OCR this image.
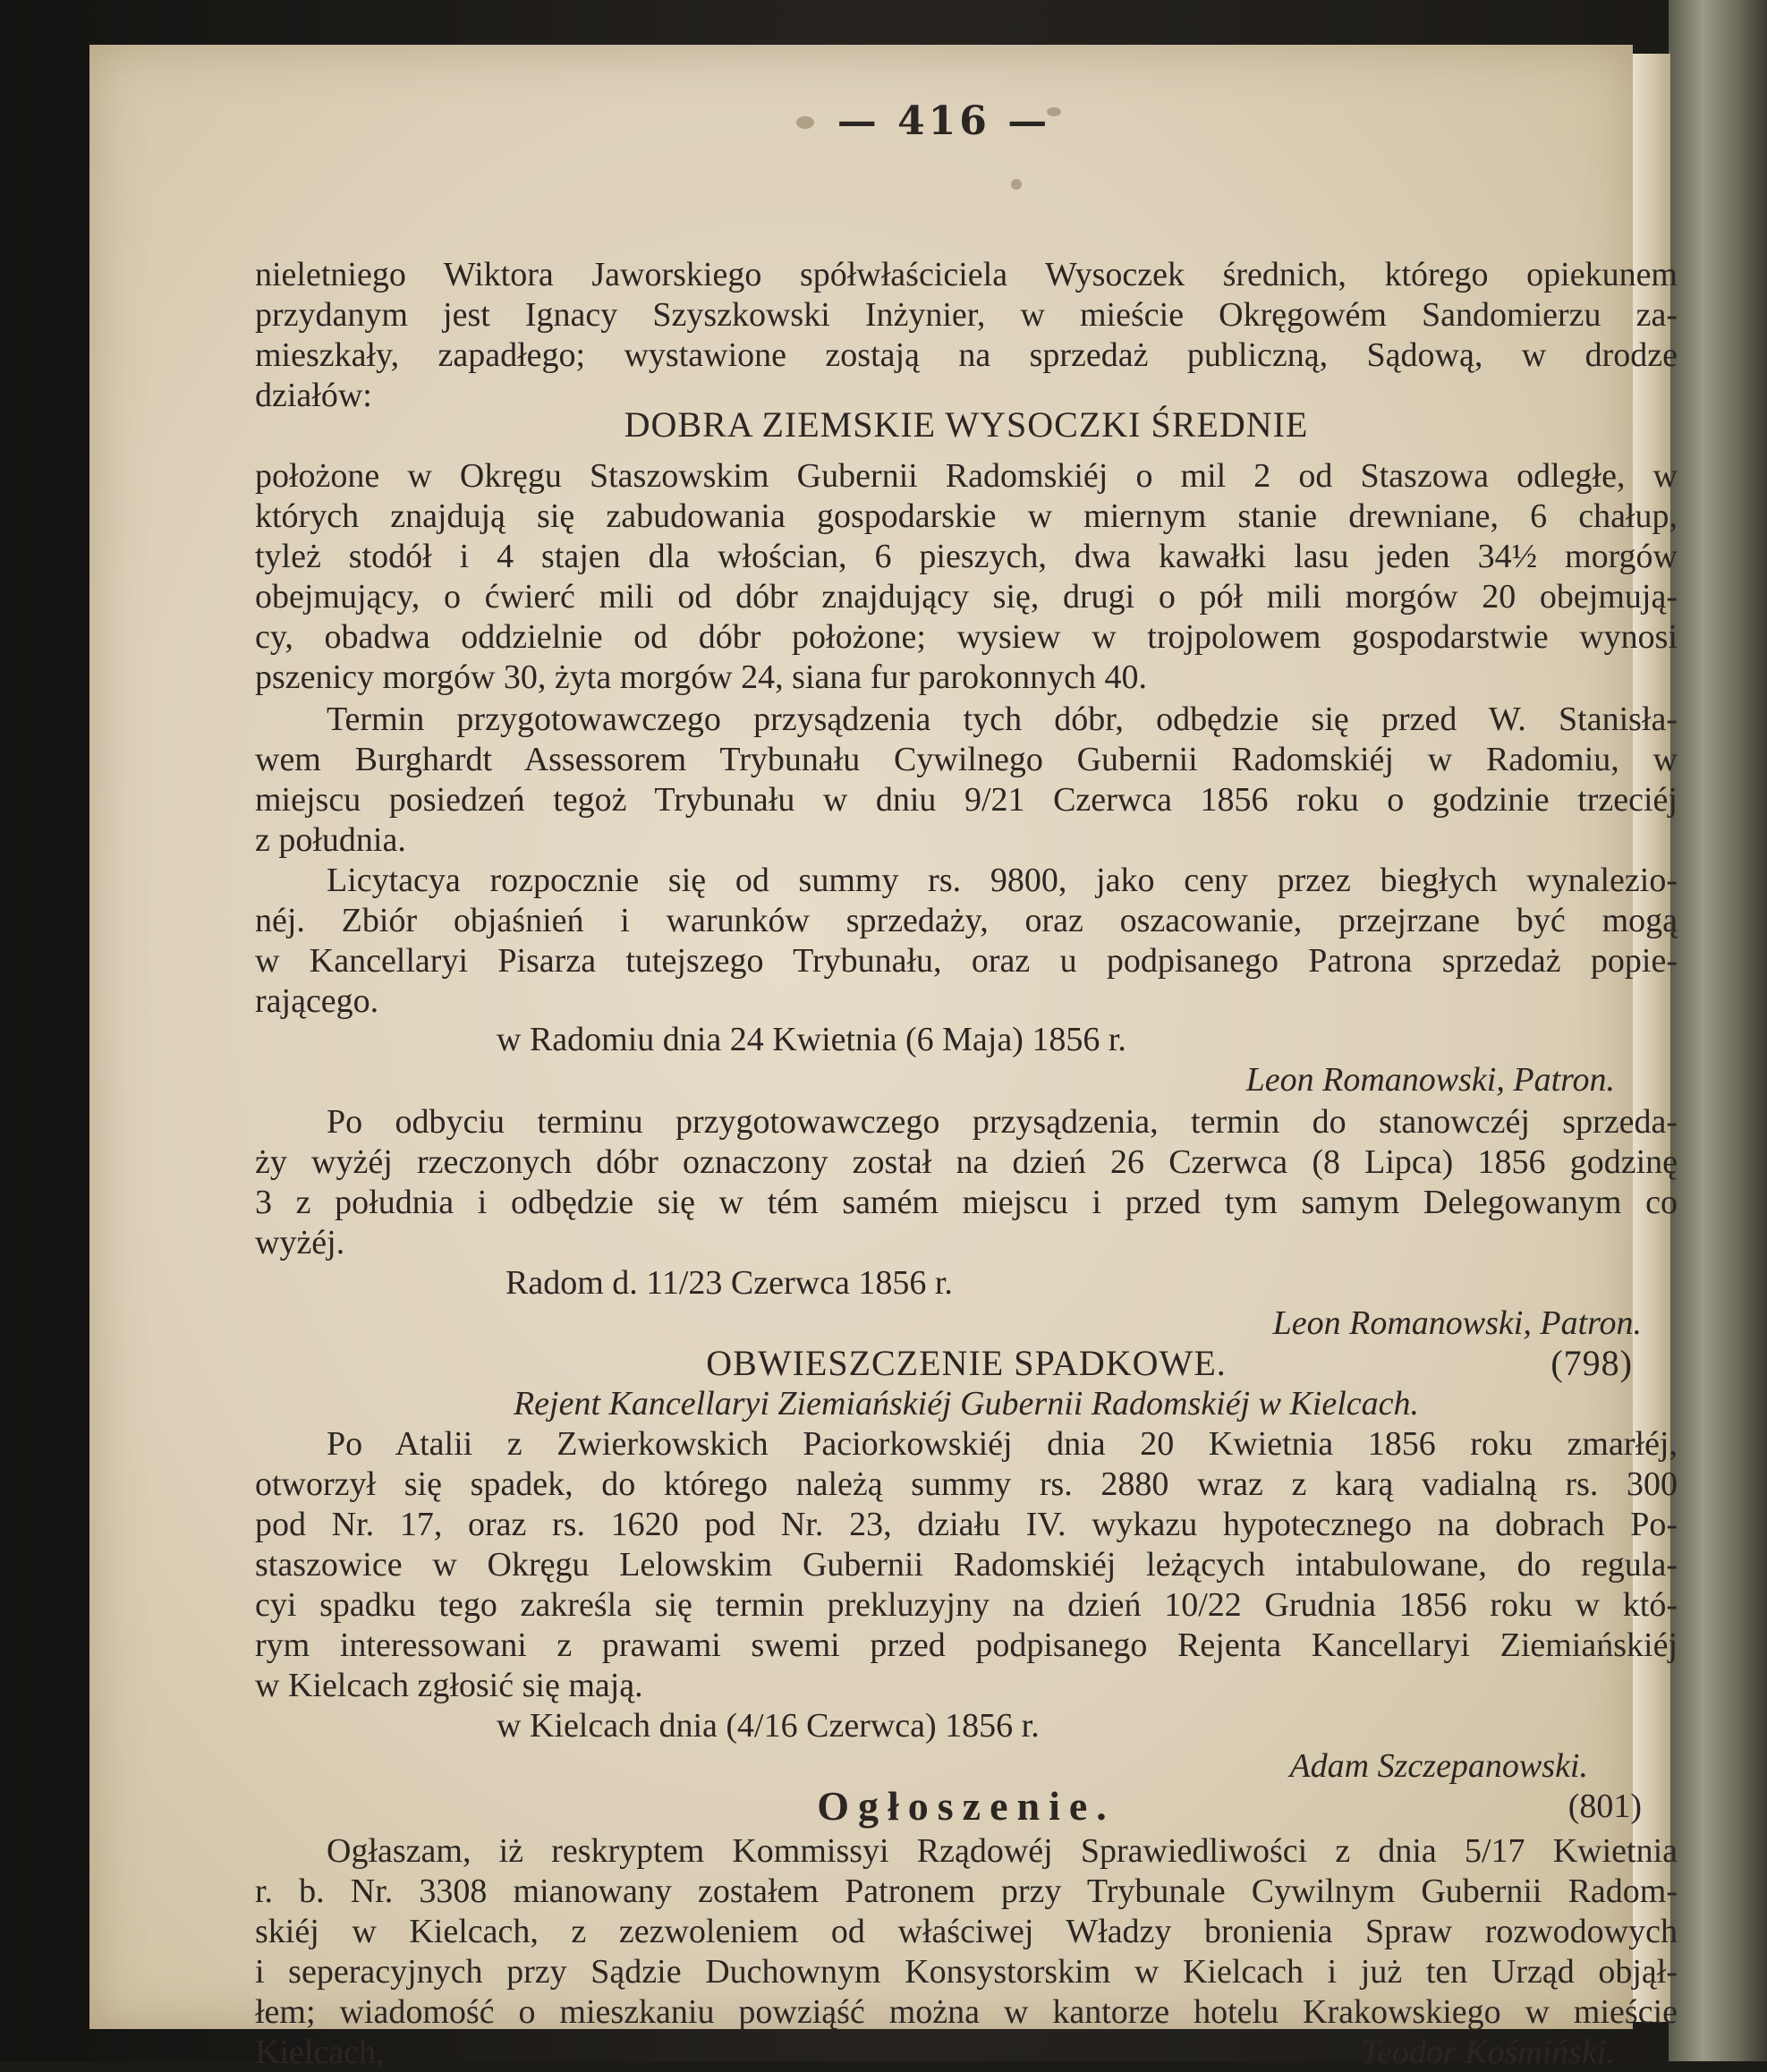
— 416 —
nieletniego Wiktora Jaworskiego spółwłaściciela Wysoczek średnich, którego opiekunem
przydanym jest Ignacy Szyszkowski Inżynier, w mieście Okręgowém Sandomierzu za-
mieszkały, zapadłego; wystawione zostają na sprzedaż publiczną, Sądową, w drodze
działów:
DOBRA ZIEMSKIE WYSOCZKI ŚREDNIE
położone w Okręgu Staszowskim Gubernii Radomskiéj o mil 2 od Staszowa odległe, w
których znajdują się zabudowania gospodarskie w miernym stanie drewniane, 6 chałup,
tyleż stodół i 4 stajen dla włościan, 6 pieszych, dwa kawałki lasu jeden 34½ morgów
obejmujący, o ćwierć mili od dóbr znajdujący się, drugi o pół mili morgów 20 obejmują-
cy, obadwa oddzielnie od dóbr położone; wysiew w trojpolowem gospodarstwie wynosi
pszenicy morgów 30, żyta morgów 24, siana fur parokonnych 40.
Termin przygotowawczego przysądzenia tych dóbr, odbędzie się przed W. Stanisła-
wem Burghardt Assessorem Trybunału Cywilnego Gubernii Radomskiéj w Radomiu, w
miejscu posiedzeń tegoż Trybunału w dniu 9/21 Czerwca 1856 roku o godzinie trzeciéj
z południa.
Licytacya rozpocznie się od summy rs. 9800, jako ceny przez biegłych wynalezio-
néj. Zbiór objaśnień i warunków sprzedaży, oraz oszacowanie, przejrzane być mogą
w Kancellaryi Pisarza tutejszego Trybunału, oraz u podpisanego Patrona sprzedaż popie-
rającego.
w Radomiu dnia 24 Kwietnia (6 Maja) 1856 r.
Leon Romanowski, Patron.
Po odbyciu terminu przygotowawczego przysądzenia, termin do stanowczéj sprzeda-
ży wyżéj rzeczonych dóbr oznaczony został na dzień 26 Czerwca (8 Lipca) 1856 godzinę
3 z południa i odbędzie się w tém samém miejscu i przed tym samym Delegowanym co
wyżéj.
Radom d. 11/23 Czerwca 1856 r.
Leon Romanowski, Patron.
OBWIESZCZENIE SPADKOWE.	(798)
Rejent Kancellaryi Ziemiańskiéj Gubernii Radomskiéj w Kielcach.
Po Atalii z Zwierkowskich Paciorkowskiéj dnia 20 Kwietnia 1856 roku zmarłéj,
otworzył się spadek, do którego należą summy rs. 2880 wraz z karą vadialną rs. 300
pod Nr. 17, oraz rs. 1620 pod Nr. 23, działu IV. wykazu hypotecznego na dobrach Po-
staszowice w Okręgu Lelowskim Gubernii Radomskiéj leżących intabulowane, do regula-
cyi spadku tego zakreśla się termin prekluzyjny na dzień 10/22 Grudnia 1856 roku w któ-
rym interessowani z prawami swemi przed podpisanego Rejenta Kancellaryi Ziemiańskiéj
w Kielcach zgłosić się mają.
w Kielcach dnia (4/16 Czerwca) 1856 r.
Adam Szczepanowski.
Ogłoszenie.	(801)
Ogłaszam, iż reskryptem Kommissyi Rządowéj Sprawiedliwości z dnia 5/17 Kwietnia
r. b. Nr. 3308 mianowany zostałem Patronem przy Trybunale Cywilnym Gubernii Radom-
skiéj w Kielcach, z zezwoleniem od właściwej Władzy bronienia Spraw rozwodowych
i seperacyjnych przy Sądzie Duchownym Konsystorskim w Kielcach i już ten Urząd objął-
łem; wiadomość o mieszkaniu powziąść można w kantorze hotelu Krakowskiego w mieście
Kielcach,	Teodor Kośmiński.
